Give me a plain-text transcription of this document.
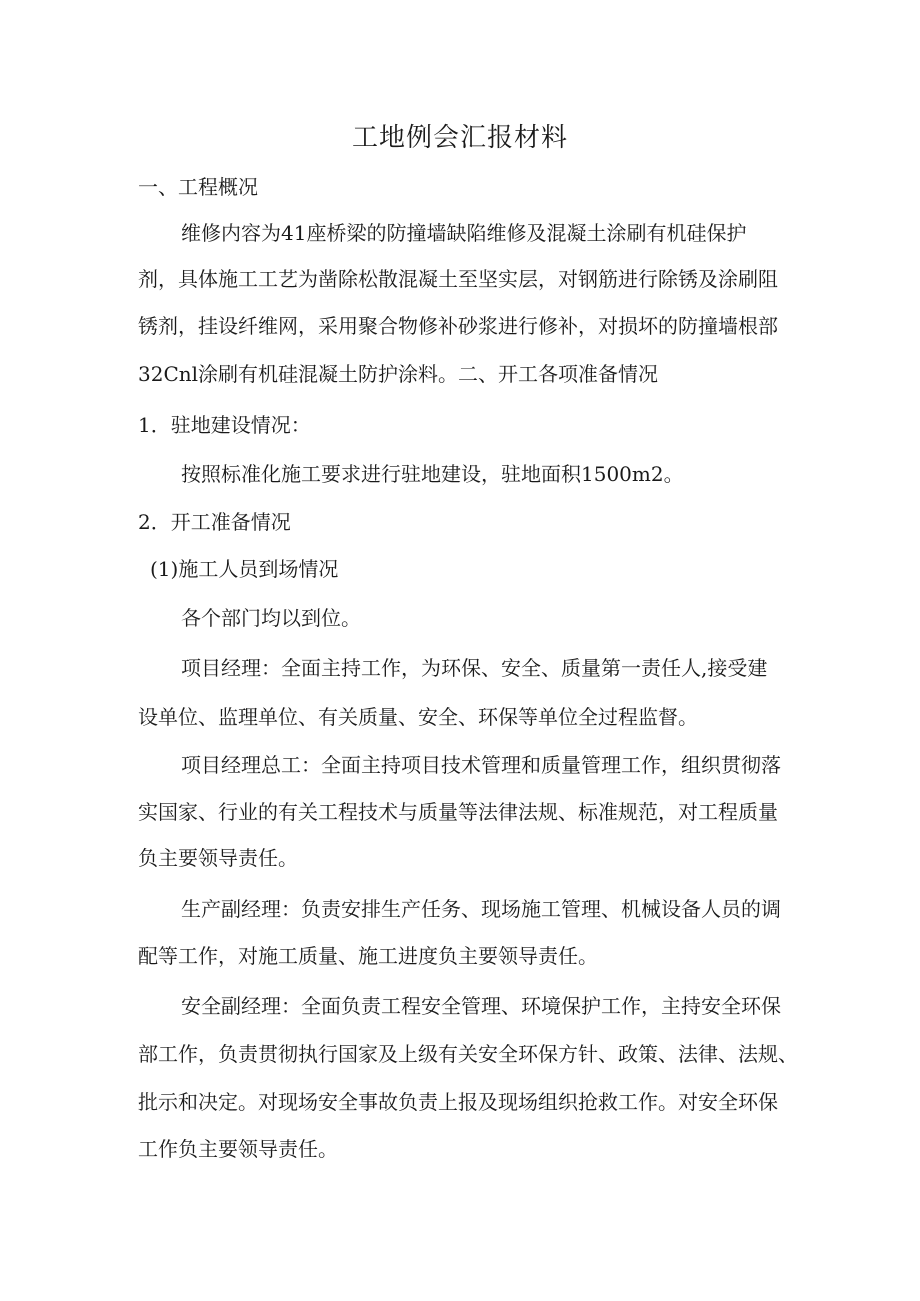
工地例会汇报材料
一、工程概况
维修内容为41座桥梁的防撞墙缺陷维修及混凝土涂刷有机硅保护
剂，具体施工工艺为凿除松散混凝土至坚实层，对钢筋进行除锈及涂刷阻
锈剂，挂设纤维网，采用聚合物修补砂浆进行修补，对损坏的防撞墙根部
32Cnl涂刷有机硅混凝土防护涂料。二、开工各项准备情况
1．驻地建设情况：
按照标准化施工要求进行驻地建设，驻地面积1500m2。
2．开工准备情况
(1)施工人员到场情况
各个部门均以到位。
项目经理：全面主持工作，为环保、安全、质量第一责任人,接受建
设单位、监理单位、有关质量、安全、环保等单位全过程监督。
项目经理总工：全面主持项目技术管理和质量管理工作，组织贯彻落
实国家、行业的有关工程技术与质量等法律法规、标准规范，对工程质量
负主要领导责任。
生产副经理：负责安排生产任务、现场施工管理、机械设备人员的调
配等工作，对施工质量、施工进度负主要领导责任。
安全副经理：全面负责工程安全管理、环境保护工作，主持安全环保
部工作，负责贯彻执行国家及上级有关安全环保方针、政策、法律、法规、
批示和决定。对现场安全事故负责上报及现场组织抢救工作。对安全环保
工作负主要领导责任。
